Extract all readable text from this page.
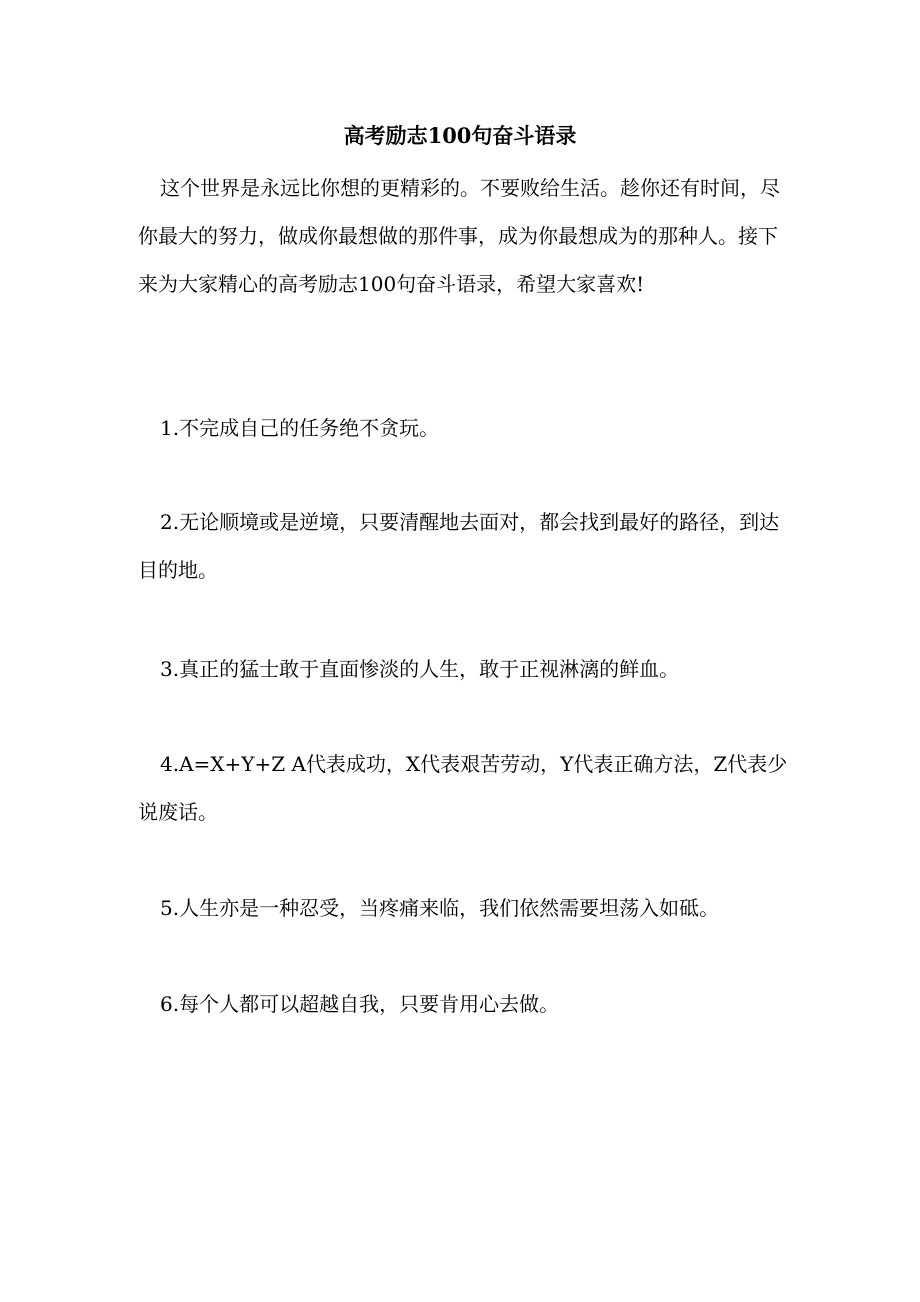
高考励志100句奋斗语录

这个世界是永远比你想的更精彩的。不要败给生活。趁你还有时间，尽你最大的努力，做成你最想做的那件事，成为你最想成为的那种人。接下来为大家精心的高考励志100句奋斗语录，希望大家喜欢!

1.不完成自己的任务绝不贪玩。

2.无论顺境或是逆境，只要清醒地去面对，都会找到最好的路径，到达目的地。

3.真正的猛士敢于直面惨淡的人生，敢于正视淋漓的鲜血。

4.A=X+Y+Z A代表成功，X代表艰苦劳动，Y代表正确方法，Z代表少说废话。

5.人生亦是一种忍受，当疼痛来临，我们依然需要坦荡入如砥。

6.每个人都可以超越自我，只要肯用心去做。
